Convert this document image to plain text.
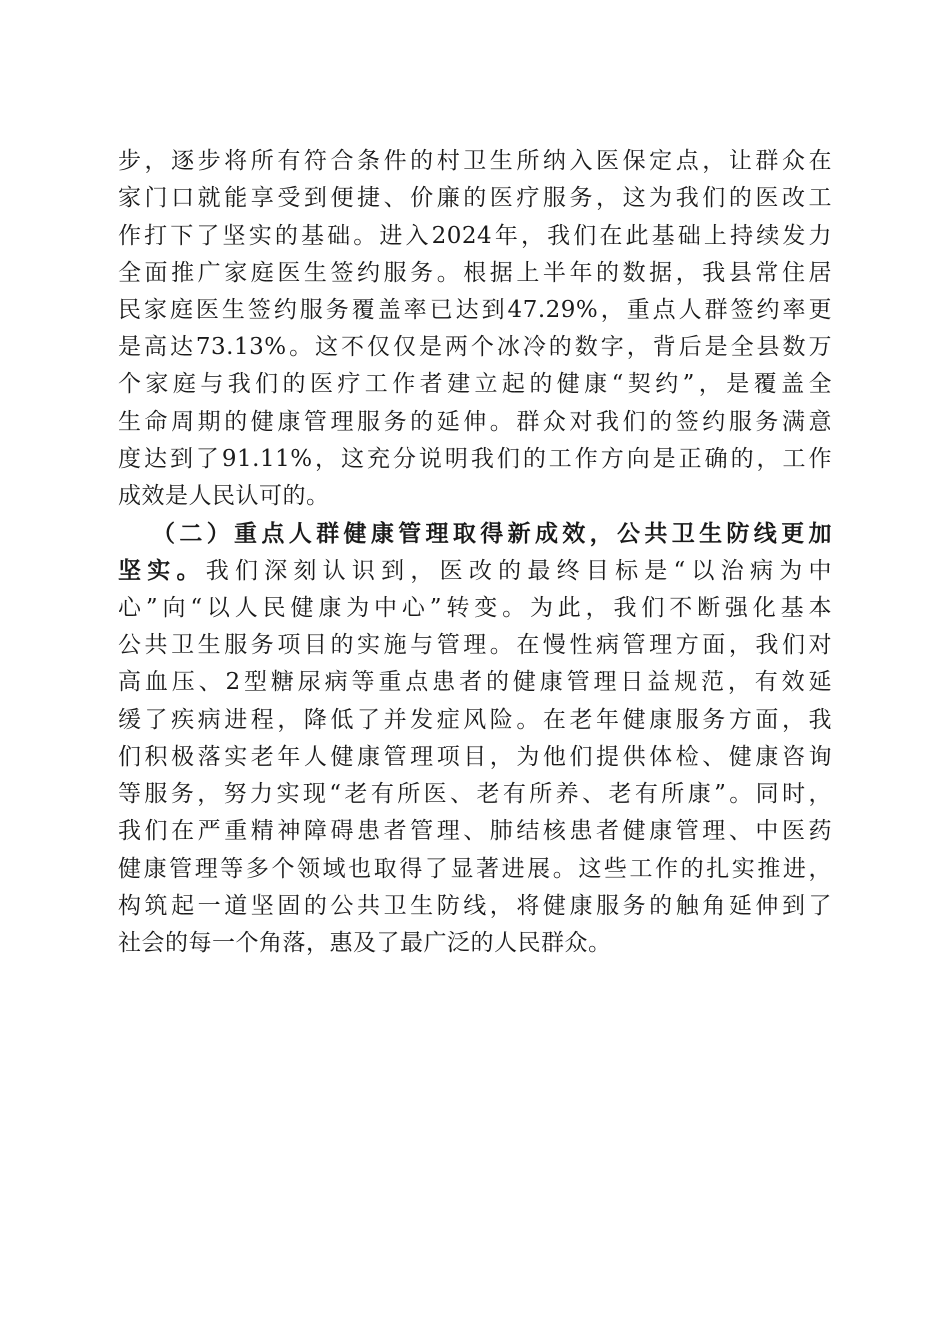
步，逐步将所有符合条件的村卫生所纳入医保定点，让群众在
家门口就能享受到便捷、价廉的医疗服务，这为我们的医改工
作打下了坚实的基础。进入2024年，我们在此基础上持续发力
全面推广家庭医生签约服务。根据上半年的数据，我县常住居
民家庭医生签约服务覆盖率已达到47.29%，重点人群签约率更
是高达73.13%。这不仅仅是两个冰冷的数字，背后是全县数万
个家庭与我们的医疗工作者建立起的健康“契约”，是覆盖全
生命周期的健康管理服务的延伸。群众对我们的签约服务满意
度达到了91.11%，这充分说明我们的工作方向是正确的，工作
成效是人民认可的。
（二）重点人群健康管理取得新成效，公共卫生防线更加
坚实。我们深刻认识到，医改的最终目标是“以治病为中
心”向“以人民健康为中心”转变。为此，我们不断强化基本
公共卫生服务项目的实施与管理。在慢性病管理方面，我们对
高血压、2型糖尿病等重点患者的健康管理日益规范，有效延
缓了疾病进程，降低了并发症风险。在老年健康服务方面，我
们积极落实老年人健康管理项目，为他们提供体检、健康咨询
等服务，努力实现“老有所医、老有所养、老有所康”。同时，
我们在严重精神障碍患者管理、肺结核患者健康管理、中医药
健康管理等多个领域也取得了显著进展。这些工作的扎实推进，
构筑起一道坚固的公共卫生防线，将健康服务的触角延伸到了
社会的每一个角落，惠及了最广泛的人民群众。
